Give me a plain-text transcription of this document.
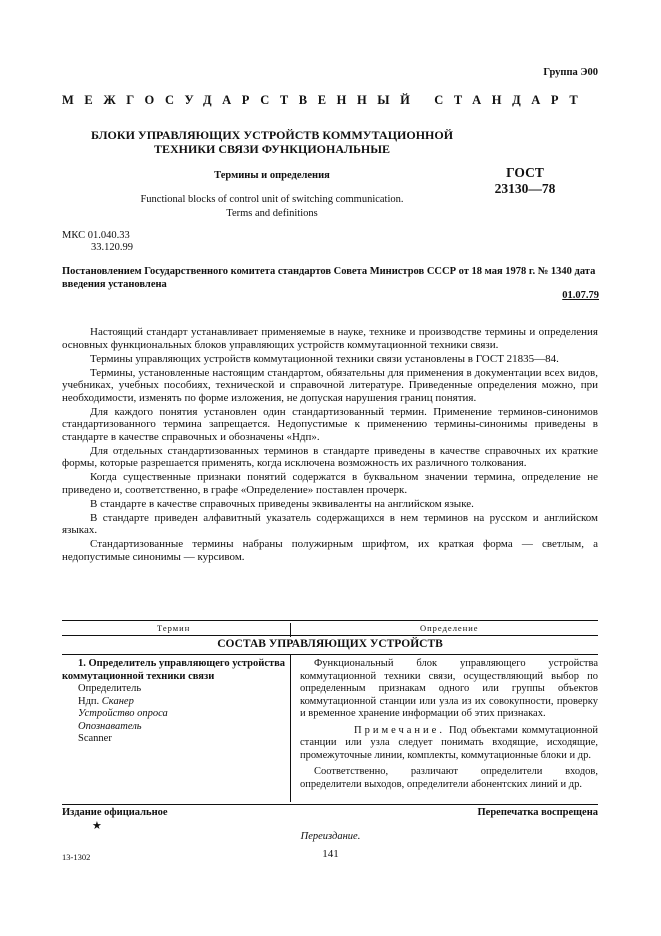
Группа Э00
МЕЖГОСУДАРСТВЕННЫЙ СТАНДАРТ
БЛОКИ УПРАВЛЯЮЩИХ УСТРОЙСТВ КОММУТАЦИОННОЙ
ТЕХНИКИ СВЯЗИ ФУНКЦИОНАЛЬНЫЕ
ГОСТ
23130—78
Термины и определения
Functional blocks of control unit of switching communication.
Terms and definitions
МКС 01.040.33
33.120.99
Постановлением Государственного комитета стандартов Совета Министров СССР от 18 мая 1978 г. № 1340 дата введения установлена
01.07.79

Настоящий стандарт устанавливает применяемые в науке, технике и производстве термины и определения основных функциональных блоков управляющих устройств коммутационной техники связи.

Термины управляющих устройств коммутационной техники связи установлены в ГОСТ 21835—84.

Термины, установленные настоящим стандартом, обязательны для применения в документации всех видов, учебниках, учебных пособиях, технической и справочной литературе. Приведенные определения можно, при необходимости, изменять по форме изложения, не допуская нарушения границ понятия.

Для каждого понятия установлен один стандартизованный термин. Применение терминов-синонимов стандартизованного термина запрещается. Недопустимые к применению термины-синонимы приведены в стандарте в качестве справочных и обозначены «Ндп».

Для отдельных стандартизованных терминов в стандарте приведены в качестве справочных их краткие формы, которые разрешается применять, когда исключена возможность их различного толкования.

Когда существенные признаки понятий содержатся в буквальном значении термина, определение не приведено и, соответственно, в графе «Определение» поставлен прочерк.

В стандарте в качестве справочных приведены эквиваленты на английском языке.

В стандарте приведен алфавитный указатель содержащихся в нем терминов на русском и английском языках.

Стандартизованные термины набраны полужирным шрифтом, их краткая форма — светлым, а недопустимые синонимы — курсивом.

Термин	Определение
СОСТАВ УПРАВЛЯЮЩИХ УСТРОЙСТВ
1. Определитель управляющего устройства коммутационной техники связи
Определитель
Ндп. Сканер
Устройство опроса
Опознаватель
Scanner

Функциональный блок управляющего устройства коммутационной техники связи, осуществляющий выбор по определенным признакам одного или группы объектов коммутационной станции или узла из их совокупности, проверку и временное хранение информации об этих признаках.

Примечание. Под объектами коммутационной станции или узла следует понимать входящие, исходящие, промежуточные линии, комплекты, коммутационные блоки и др.

Соответственно, различают определители входов, определители выходов, определители абонентских линий и др.

Издание официальное
★
Перепечатка воспрещена
Переиздание.
141
13-1302
